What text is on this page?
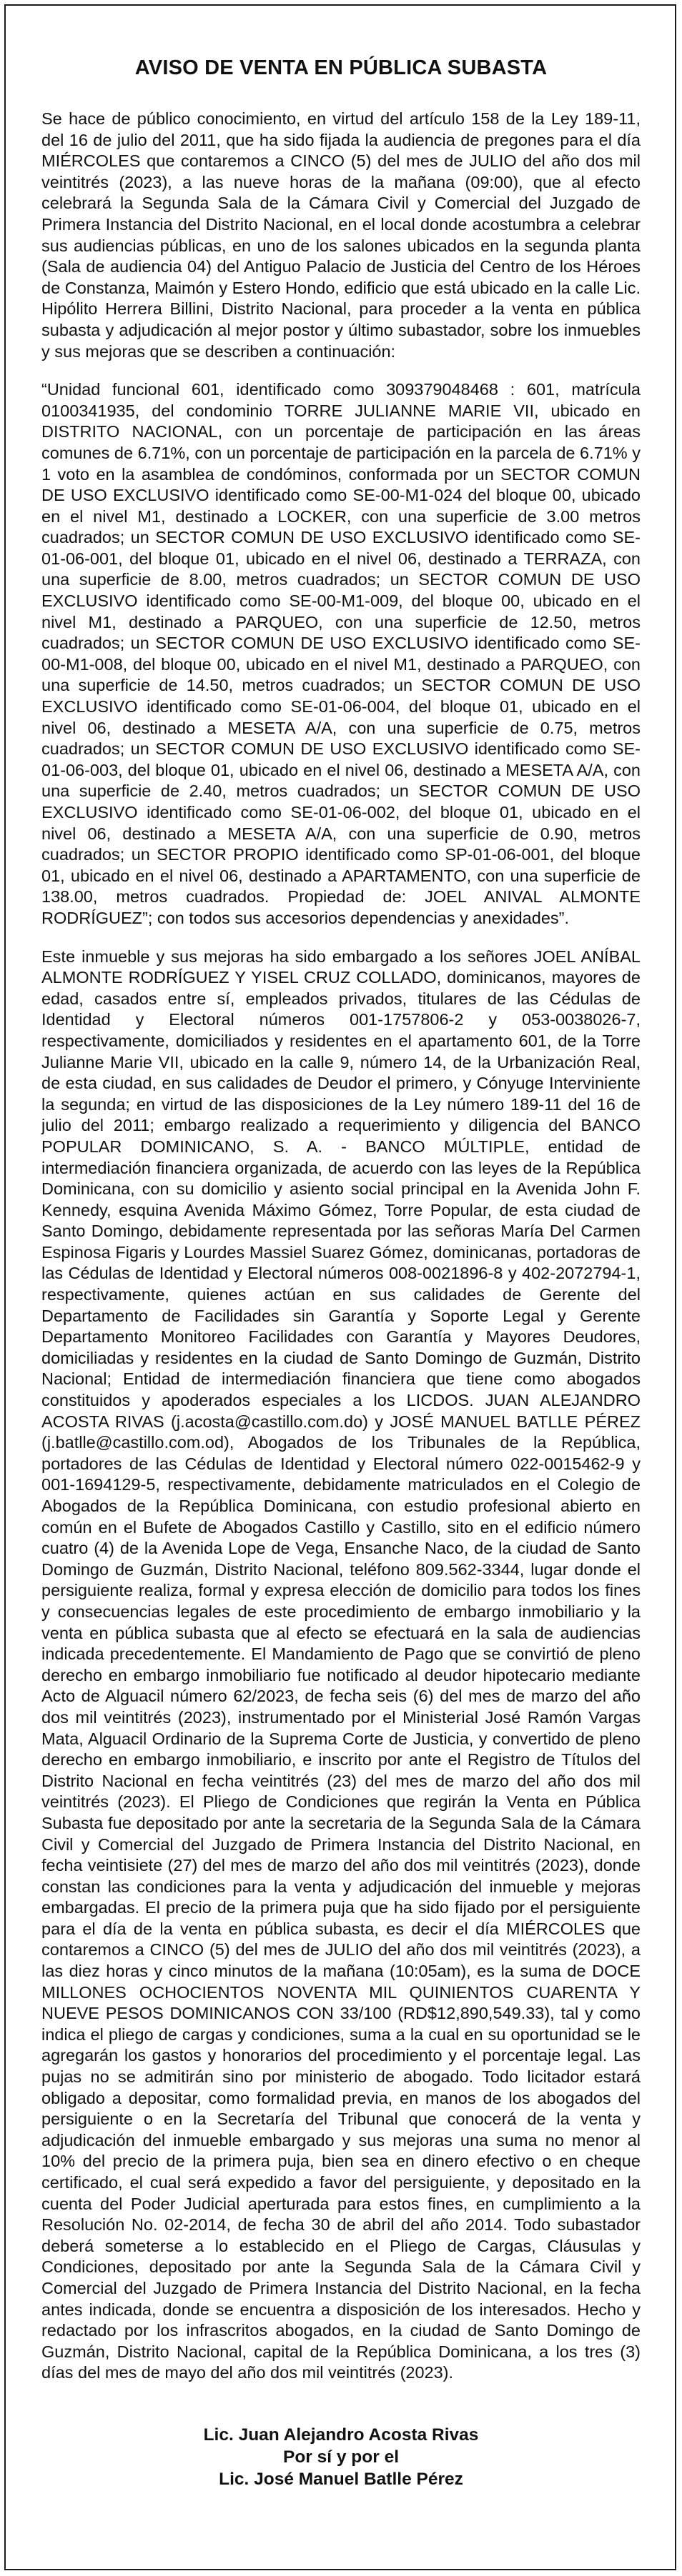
AVISO DE VENTA EN PÚBLICA SUBASTA

Se hace de público conocimiento, en virtud del artículo 158 de la Ley 189-11, del 16 de julio del 2011, que ha sido fijada la audiencia de pregones para el día MIÉRCOLES que contaremos a CINCO (5) del mes de JULIO del año dos mil veintitrés (2023), a las nueve horas de la mañana (09:00), que al efecto celebrará la Segunda Sala de la Cámara Civil y Comercial del Juzgado de Primera Instancia del Distrito Nacional, en el local donde acostumbra a celebrar sus audiencias públicas, en uno de los salones ubicados en la segunda planta (Sala de audiencia 04) del Antiguo Palacio de Justicia del Centro de los Héroes de Constanza, Maimón y Estero Hondo, edificio que está ubicado en la calle Lic. Hipólito Herrera Billini, Distrito Nacional, para proceder a la venta en pública subasta y adjudicación al mejor postor y último subastador, sobre los inmuebles y sus mejoras que se describen a continuación:

“Unidad funcional 601, identificado como 309379048468 : 601, matrícula 0100341935, del condominio TORRE JULIANNE MARIE VII, ubicado en DISTRITO NACIONAL, con un porcentaje de participación en las áreas comunes de 6.71%, con un porcentaje de participación en la parcela de 6.71% y 1 voto en la asamblea de condóminos, conformada por un SECTOR COMUN DE USO EXCLUSIVO identificado como SE-00-M1-024 del bloque 00, ubicado en el nivel M1, destinado a LOCKER, con una superficie de 3.00 metros cuadrados; un SECTOR COMUN DE USO EXCLUSIVO identificado como SE-01-06-001, del bloque 01, ubicado en el nivel 06, destinado a TERRAZA, con una superficie de 8.00, metros cuadrados; un SECTOR COMUN DE USO EXCLUSIVO identificado como SE-00-M1-009, del bloque 00, ubicado en el nivel M1, destinado a PARQUEO, con una superficie de 12.50, metros cuadrados; un SECTOR COMUN DE USO EXCLUSIVO identificado como SE-00-M1-008, del bloque 00, ubicado en el nivel M1, destinado a PARQUEO, con una superficie de 14.50, metros cuadrados; un SECTOR COMUN DE USO EXCLUSIVO identificado como SE-01-06-004, del bloque 01, ubicado en el nivel 06, destinado a MESETA A/A, con una superficie de 0.75, metros cuadrados; un SECTOR COMUN DE USO EXCLUSIVO identificado como SE-01-06-003, del bloque 01, ubicado en el nivel 06, destinado a MESETA A/A, con una superficie de 2.40, metros cuadrados; un SECTOR COMUN DE USO EXCLUSIVO identificado como SE-01-06-002, del bloque 01, ubicado en el nivel 06, destinado a MESETA A/A, con una superficie de 0.90, metros cuadrados; un SECTOR PROPIO identificado como SP-01-06-001, del bloque 01, ubicado en el nivel 06, destinado a APARTAMENTO, con una superficie de 138.00, metros cuadrados. Propiedad de: JOEL ANIVAL ALMONTE RODRÍGUEZ”; con todos sus accesorios dependencias y anexidades”.

Este inmueble y sus mejoras ha sido embargado a los señores JOEL ANÍBAL ALMONTE RODRÍGUEZ Y YISEL CRUZ COLLADO, dominicanos, mayores de edad, casados entre sí, empleados privados, titulares de las Cédulas de Identidad y Electoral números 001-1757806-2 y 053-0038026-7, respectivamente, domiciliados y residentes en el apartamento 601, de la Torre Julianne Marie VII, ubicado en la calle 9, número 14, de la Urbanización Real, de esta ciudad, en sus calidades de Deudor el primero, y Cónyuge Interviniente la segunda; en virtud de las disposiciones de la Ley número 189-11 del 16 de julio del 2011; embargo realizado a requerimiento y diligencia del BANCO POPULAR DOMINICANO, S. A. - BANCO MÚLTIPLE, entidad de intermediación financiera organizada, de acuerdo con las leyes de la República Dominicana, con su domicilio y asiento social principal en la Avenida John F. Kennedy, esquina Avenida Máximo Gómez, Torre Popular, de esta ciudad de Santo Domingo, debidamente representada por las señoras María Del Carmen Espinosa Figaris y Lourdes Massiel Suarez Gómez, dominicanas, portadoras de las Cédulas de Identidad y Electoral números 008-0021896-8 y 402-2072794-1, respectivamente, quienes actúan en sus calidades de Gerente del Departamento de Facilidades sin Garantía y Soporte Legal y Gerente Departamento Monitoreo Facilidades con Garantía y Mayores Deudores, domiciliadas y residentes en la ciudad de Santo Domingo de Guzmán, Distrito Nacional; Entidad de intermediación financiera que tiene como abogados constituidos y apoderados especiales a los LICDOS. JUAN ALEJANDRO ACOSTA RIVAS (j.acosta@castillo.com.do) y JOSÉ MANUEL BATLLE PÉREZ (j.batlle@castillo.com.od), Abogados de los Tribunales de la República, portadores de las Cédulas de Identidad y Electoral número 022-0015462-9 y 001-1694129-5, respectivamente, debidamente matriculados en el Colegio de Abogados de la República Dominicana, con estudio profesional abierto en común en el Bufete de Abogados Castillo y Castillo, sito en el edificio número cuatro (4) de la Avenida Lope de Vega, Ensanche Naco, de la ciudad de Santo Domingo de Guzmán, Distrito Nacional, teléfono 809.562-3344, lugar donde el persiguiente realiza, formal y expresa elección de domicilio para todos los fines y consecuencias legales de este procedimiento de embargo inmobiliario y la venta en pública subasta que al efecto se efectuará en la sala de audiencias indicada precedentemente. El Mandamiento de Pago que se convirtió de pleno derecho en embargo inmobiliario fue notificado al deudor hipotecario mediante Acto de Alguacil número 62/2023, de fecha seis (6) del mes de marzo del año dos mil veintitrés (2023), instrumentado por el Ministerial José Ramón Vargas Mata, Alguacil Ordinario de la Suprema Corte de Justicia, y convertido de pleno derecho en embargo inmobiliario, e inscrito por ante el Registro de Títulos del Distrito Nacional en fecha veintitrés (23) del mes de marzo del año dos mil veintitrés (2023). El Pliego de Condiciones que regirán la Venta en Pública Subasta fue depositado por ante la secretaria de la Segunda Sala de la Cámara Civil y Comercial del Juzgado de Primera Instancia del Distrito Nacional, en fecha veintisiete (27) del mes de marzo del año dos mil veintitrés (2023), donde constan las condiciones para la venta y adjudicación del inmueble y mejoras embargadas. El precio de la primera puja que ha sido fijado por el persiguiente para el día de la venta en pública subasta, es decir el día MIÉRCOLES que contaremos a CINCO (5) del mes de JULIO del año dos mil veintitrés (2023), a las diez horas y cinco minutos de la mañana (10:05am), es la suma de DOCE MILLONES OCHOCIENTOS NOVENTA MIL QUINIENTOS CUARENTA Y NUEVE PESOS DOMINICANOS CON 33/100 (RD$12,890,549.33), tal y como indica el pliego de cargas y condiciones, suma a la cual en su oportunidad se le agregarán los gastos y honorarios del procedimiento y el porcentaje legal. Las pujas no se admitirán sino por ministerio de abogado. Todo licitador estará obligado a depositar, como formalidad previa, en manos de los abogados del persiguiente o en la Secretaría del Tribunal que conocerá de la venta y adjudicación del inmueble embargado y sus mejoras una suma no menor al 10% del precio de la primera puja, bien sea en dinero efectivo o en cheque certificado, el cual será expedido a favor del persiguiente, y depositado en la cuenta del Poder Judicial aperturada para estos fines, en cumplimiento a la Resolución No. 02-2014, de fecha 30 de abril del año 2014. Todo subastador deberá someterse a lo establecido en el Pliego de Cargas, Cláusulas y Condiciones, depositado por ante la Segunda Sala de la Cámara Civil y Comercial del Juzgado de Primera Instancia del Distrito Nacional, en la fecha antes indicada, donde se encuentra a disposición de los interesados. Hecho y redactado por los infrascritos abogados, en la ciudad de Santo Domingo de Guzmán, Distrito Nacional, capital de la República Dominicana, a los tres (3) días del mes de mayo del año dos mil veintitrés (2023).

Lic. Juan Alejandro Acosta Rivas
Por sí y por el
Lic. José Manuel Batlle Pérez
